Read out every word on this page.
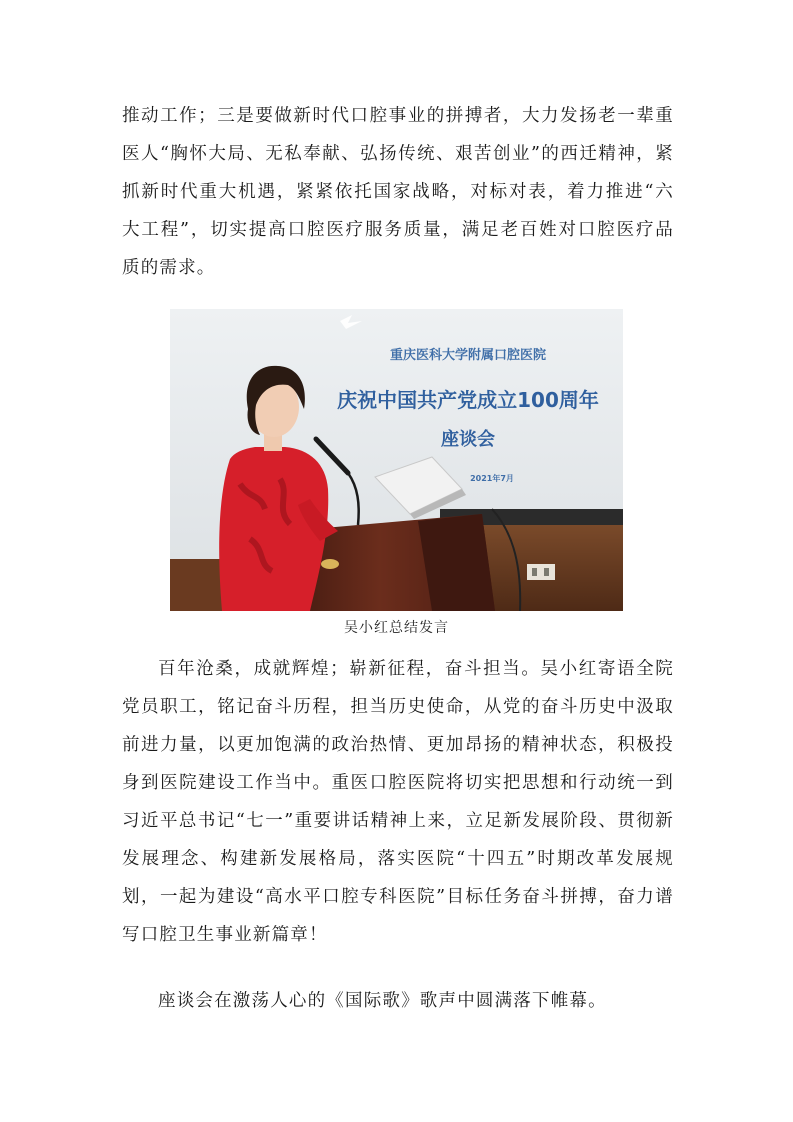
推动工作；三是要做新时代口腔事业的拼搏者，大力发扬老一辈重医人“胸怀大局、无私奉献、弘扬传统、艰苦创业”的西迁精神，紧抓新时代重大机遇，紧紧依托国家战略，对标对表，着力推进“六大工程”，切实提高口腔医疗服务质量，满足老百姓对口腔医疗品质的需求。

重庆医科大学附属口腔医院
庆祝中国共产党成立100周年
座谈会
2021年7月
吴小红总结发言

百年沧桑，成就辉煌；崭新征程，奋斗担当。吴小红寄语全院党员职工，铭记奋斗历程，担当历史使命，从党的奋斗历史中汲取前进力量，以更加饱满的政治热情、更加昂扬的精神状态，积极投身到医院建设工作当中。重医口腔医院将切实把思想和行动统一到习近平总书记“七一”重要讲话精神上来，立足新发展阶段、贯彻新发展理念、构建新发展格局，落实医院“十四五”时期改革发展规划，一起为建设“高水平口腔专科医院”目标任务奋斗拼搏，奋力谱写口腔卫生事业新篇章！

座谈会在激荡人心的《国际歌》歌声中圆满落下帷幕。
